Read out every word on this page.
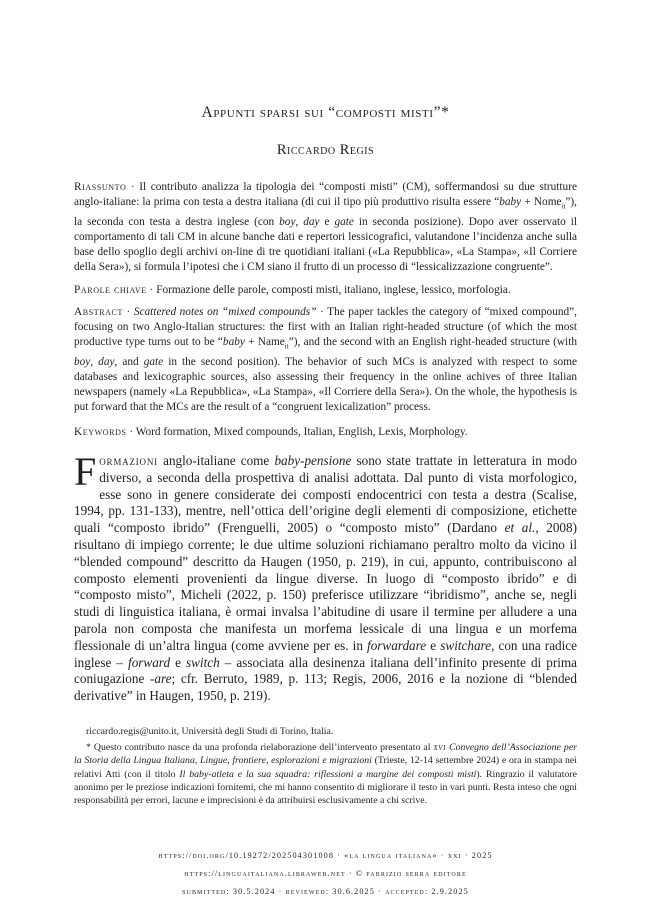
Appunti sparsi sui “composti misti”*
Riccardo Regis
Riassunto · Il contributo analizza la tipologia dei “composti misti” (CM), soffermandosi su due strutture anglo-italiane: la prima con testa a destra italiana (di cui il tipo più produttivo risulta essere “baby + Nome$_{it}$”), la seconda con testa a destra inglese (con boy, day e gate in seconda posizione). Dopo aver osservato il comportamento di tali CM in alcune banche dati e repertori lessicografici, valutandone l’incidenza anche sulla base dello spoglio degli archivi on-line di tre quotidiani italiani («La Repubblica», «La Stampa», «Il Corriere della Sera»), si formula l’ipotesi che i CM siano il frutto di un processo di “lessicalizzazione congruente”.
Parole chiave · Formazione delle parole, composti misti, italiano, inglese, lessico, morfologia.
Abstract · Scattered notes on “mixed compounds” · The paper tackles the category of “mixed compound”, focusing on two Anglo-Italian structures: the first with an Italian right-headed structure (of which the most productive type turns out to be “baby + Name$_{it}$”), and the second with an English right-headed structure (with boy, day, and gate in the second position). The behavior of such MCs is analyzed with respect to some databases and lexicographic sources, also assessing their frequency in the online achives of three Italian newspapers (namely «La Repubblica», «La Stampa», «Il Corriere della Sera»). On the whole, the hypothesis is put forward that the MCs are the result of a “congruent lexicalization” process.
Keywords · Word formation, Mixed compounds, Italian, English, Lexis, Morphology.
Formazioni anglo-italiane come baby-pensione sono state trattate in letteratura in modo diverso, a seconda della prospettiva di analisi adottata. Dal punto di vista morfologico, esse sono in genere considerate dei composti endocentrici con testa a destra (Scalise, 1994, pp. 131-133), mentre, nell’ottica dell’origine degli elementi di composizione, etichette quali “composto ibrido” (Frenguelli, 2005) o “composto misto” (Dardano et al., 2008) risultano di impiego corrente; le due ultime soluzioni richiamano peraltro molto da vicino il “blended compound” descritto da Haugen (1950, p. 219), in cui, appunto, contribuiscono al composto elementi provenienti da lingue diverse. In luogo di “composto ibrido” e di “composto misto”, Micheli (2022, p. 150) preferisce utilizzare “ibridismo”, anche se, negli studi di linguistica italiana, è ormai invalsa l’abitudine di usare il termine per alludere a una parola non composta che manifesta un morfema lessicale di una lingua e un morfema flessionale di un’altra lingua (come avviene per es. in forwardare e switchare, con una radice inglese – forward e switch – associata alla desinenza italiana dell’infinito presente di prima coniugazione -are; cfr. Berruto, 1989, p. 113; Regis, 2006, 2016 e la nozione di “blended derivative” in Haugen, 1950, p. 219).
riccardo.regis@unito.it, Università degli Studi di Torino, Italia.
* Questo contributo nasce da una profonda rielaborazione dell’intervento presentato al xvi Convegno dell’Associazione per la Storia della Lingua Italiana, Lingue, frontiere, esplorazioni e migrazioni (Trieste, 12-14 settembre 2024) e ora in stampa nei relativi Atti (con il titolo Il baby-atleta e la sua squadra: riflessioni a margine dei composti misti). Ringrazio il valutatore anonimo per le preziose indicazioni fornitemi, che mi hanno consentito di migliorare il testo in vari punti. Resta inteso che ogni responsabilità per errori, lacune e imprecisioni è da attribuirsi esclusivamente a chi scrive.
https://doi.org/10.19272/202504301008 · «la lingua italiana» · xxi · 2025
https://linguaitaliana.libraweb.net · © fabrizio serra editore
submitted: 30.5.2024 · reviewed: 30.6.2025 · accepted: 2.9.2025
